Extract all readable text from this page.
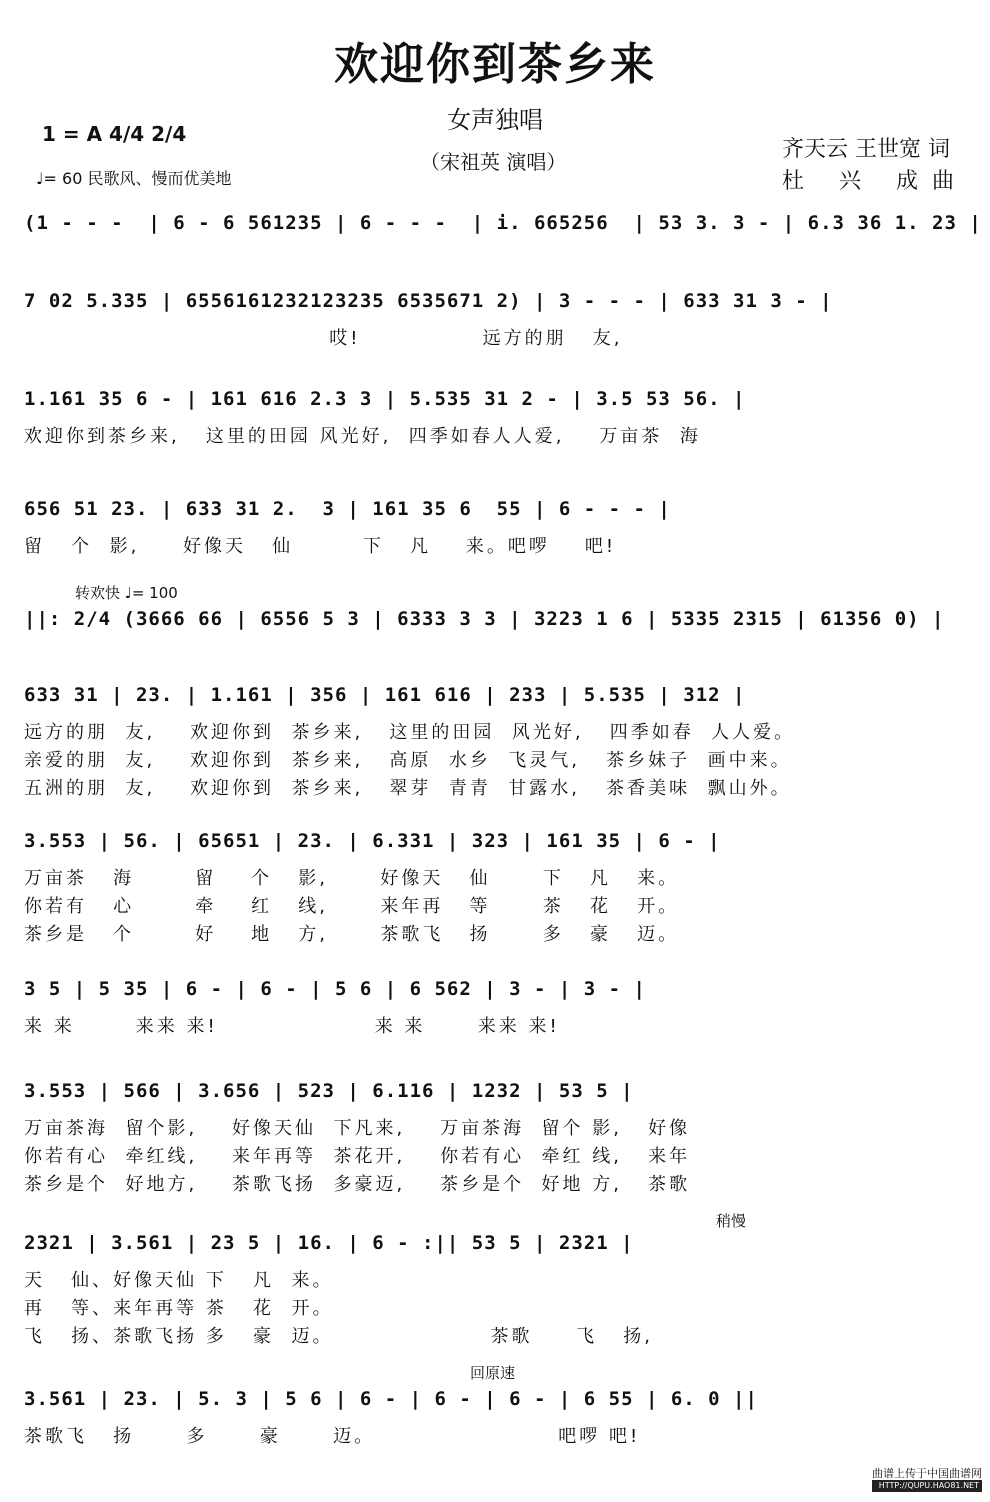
欢迎你到茶乡来
女声独唱
（宋祖英 演唱）
1 = A 4/4 2/4
♩= 60 民歌风、慢而优美地
齐天云 王世宽 词
杜 兴 成曲
转欢快 ♩= 100
稍慢
回原速
(1 - - -  | 6 - 6 561235 | 6 - - -  | i. 665256  | 53 3. 3 - | 6.3 36 1. 23 |
7 02 5.335 | 6556161232123235 6535671 2) | 3 - - - | 633 31 3 - |
哎!              远方的朋   友,
1.161 35 6 - | 161 616 2.3 3 | 5.535 31 2 - | 3.5 53 56. |
欢迎你到茶乡来,   这里的田园 风光好,  四季如春人人爱,    万亩茶  海
656 51 23. | 633 31 2.  3 | 161 35 6  55 | 6 - - - |
留   个  影,     好像天   仙        下   凡    来。吧啰    吧!
||: 2/4 (3666 66 | 6556 5 3 | 6333 3 3 | 3223 1 6 | 5335 2315 | 61356 0) |
633 31 | 23. | 1.161 | 356 | 161 616 | 233 | 5.535 | 312 |
远方的朋  友,    欢迎你到  茶乡来,   这里的田园  风光好,   四季如春  人人爱。
亲爱的朋  友,    欢迎你到  茶乡来,   高原  水乡  飞灵气,   茶乡妹子  画中来。
五洲的朋  友,    欢迎你到  茶乡来,   翠芽  青青  甘露水,   茶香美味  飘山外。
3.553 | 56. | 65651 | 23. | 6.331 | 323 | 161 35 | 6 - |
万亩茶   海       留    个   影,      好像天   仙      下   凡   来。
你若有   心       牵    红   线,      来年再   等      茶   花   开。
茶乡是   个       好    地   方,      茶歌飞   扬      多   豪   迈。
3 5 | 5 35 | 6 - | 6 - | 5 6 | 6 562 | 3 - | 3 - |
来 来       来来 来!                  来 来      来来 来!
3.553 | 566 | 3.656 | 523 | 6.116 | 1232 | 53 5 |
万亩茶海  留个影,    好像天仙  下凡来,    万亩茶海  留个 影,   好像
你若有心  牵红线,    来年再等  茶花开,    你若有心  牵红 线,   来年
茶乡是个  好地方,    茶歌飞扬  多豪迈,    茶乡是个  好地 方,   茶歌
2321 | 3.561 | 23 5 | 16. | 6 - :|| 53 5 | 2321 |
天   仙、好像天仙 下   凡  来。
再   等、来年再等 茶   花  开。
飞   扬、茶歌飞扬 多   豪  迈。                  茶歌     飞   扬,
3.561 | 23. | 5. 3 | 5 6 | 6 - | 6 - | 6 - | 6 55 | 6. 0 ||
茶歌飞   扬      多      豪      迈。                     吧啰 吧!
曲谱上传于中国曲谱网
HTTP://QUPU.HAO81.NET
